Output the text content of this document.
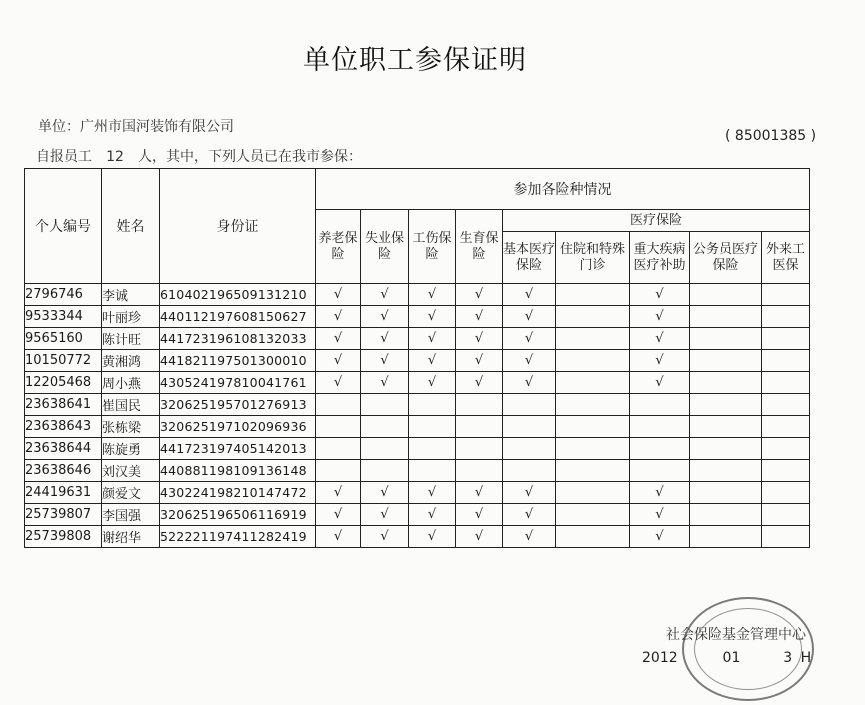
单位职工参保证明
单位：广州市国河装饰有限公司
( 85001385 )
自报员工 12 人，其中，下列人员已在我市参保：
个人编号	姓名	身份证	参加各险种情况								
			养老保险	失业保险	工伤保险	生育保险	医疗保险				
							基本医疗保险	住院和特殊门诊	重大疾病医疗补助	公务员医疗保险	外来工医保
2796746	李诚	610402196509131210	√	√	√	√	√		√		
9533344	叶丽珍	440112197608150627	√	√	√	√	√		√		
9565160	陈计旺	441723196108132033	√	√	√	√	√		√		
10150772	黄湘鸿	441821197501300010	√	√	√	√	√		√		
12205468	周小燕	430524197810041761	√	√	√	√	√		√		
23638641	崔国民	320625195701276913									
23638643	张栋梁	320625197102096936									
23638644	陈旋勇	441723197405142013									
23638646	刘汉美	440881198109136148									
24419631	颜爱文	430224198210147472	√	√	√	√	√		√		
25739807	李国强	320625196506116919	√	√	√	√	√		√		
25739808	谢绍华	522221197411282419	√	√	√	√	√		√		
社会保险基金管理中心
2012	01	3 H
